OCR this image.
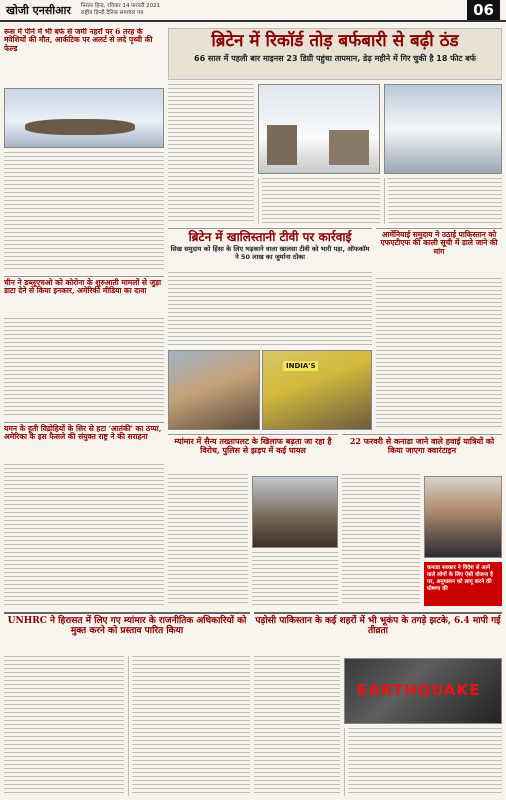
खोजी एनसीआर निरंतर हिन्द, रविवार 14 फरवरी 2021
राष्ट्रीय हिन्दी दैनिक समाचार पत्र	06
रूस में पीने में भी बर्फ से जमी नहरों पर 6 तरह के मवेशियों की मौत, आर्कटिक पर अलर्ट से लदे पृथ्वी की फेल्ड	ब्रिटेन में रिकॉर्ड तोड़ बर्फबारी से बढ़ी ठंड
66 साल में पहली बार माइनस 23 डिग्री पहुंचा तापमान, डेढ़ महीने में गिर चुकी है 18 फीट बर्फ
ब्रिटेन में खालिस्तानी टीवी पर कार्रवाई
सिख समुदाय को हिंसा के लिए भड़काने वाला खालसा टीवी को भारी पड़ा, ऑफकॉम ने 50 लाख का जुर्माना ठोका
INDIA'S
आर्मेनियाई समुदाय ने उठाई पाकिस्तान को एफएटीएफ की काली सूची में डाले जाने की मांग
चीन ने डब्लूएचओ को कोरोना के शुरुआती मामलों से जुड़ा डाटा देने से किया इनकार, अमेरिकी मीडिया का दावा
यमन के हूती विद्रोहियों के सिर से हटा 'आतंकी' का ठप्पा, अमेरिका के इस फैसले की संयुक्त राष्ट्र ने की सराहना	म्यांमार में सैन्य तख्तापलट के खिलाफ बढ़ता जा रहा है विरोध, पुलिस से झड़प में कई घायल
22 फरवरी से कनाडा जाने वाले हवाई यात्रियों को किया जाएगा क्वारंटाइन
कनाडा सरकार ने विदेश से आने वाले लोगों के लिए ऐसी योजना है पर, अनुपालन को लागू करने की घोषणा की
UNHRC ने हिरासत में लिए गए म्यांमार के राजनीतिक अधिकारियों को मुक्त करने को प्रस्ताव पारित किया
पड़ोसी पाकिस्तान के कई शहरों में भी भूकंप के तगड़े झटके, 6.4 मापी गई तीव्रता
EARTHQUAKE
